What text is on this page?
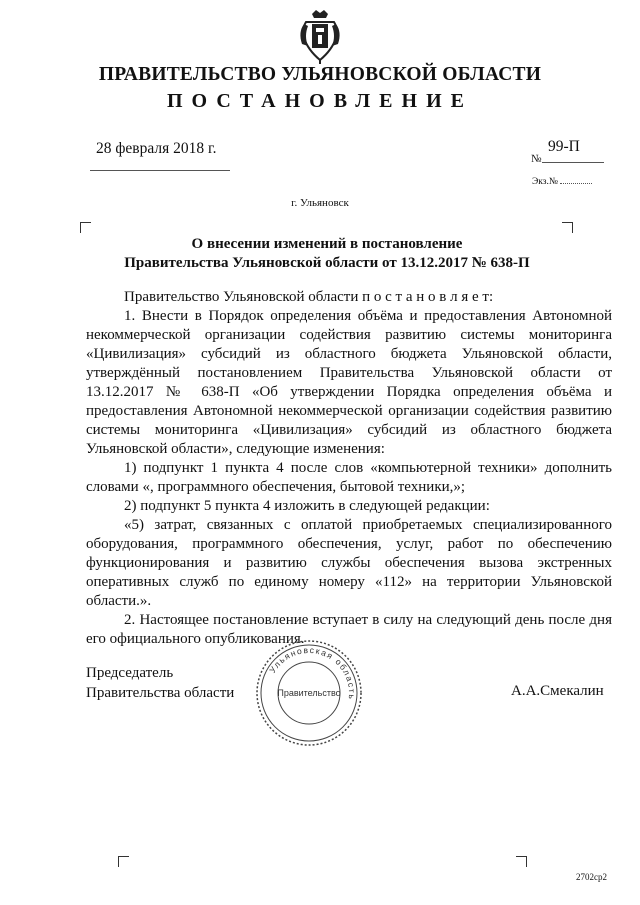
ПРАВИТЕЛЬСТВО УЛЬЯНОВСКОЙ ОБЛАСТИ
ПОСТАНОВЛЕНИЕ
28 февраля 2018 г.
№
99-П
Экз.№
г. Ульяновск
О внесении изменений в постановление
Правительства Ульяновской области от 13.12.2017 № 638-П

Правительство Ульяновской области п о с т а н о в л я е т:

1. Внести в Порядок определения объёма и предоставления Автономной некоммерческой организации содействия развитию системы мониторинга «Цивилизация» субсидий из областного бюджета Ульяновской области, утверждённый постановлением Правительства Ульяновской области от 13.12.2017 № 638-П «Об утверждении Порядка определения объёма и предоставления Автономной некоммерческой организации содействия развитию системы мониторинга «Цивилизация» субсидий из областного бюджета Ульяновской области», следующие изменения:

1) подпункт 1 пункта 4 после слов «компьютерной техники» дополнить словами «, программного обеспечения, бытовой техники,»;

2) подпункт 5 пункта 4 изложить в следующей редакции:

«5) затрат, связанных с оплатой приобретаемых специализированного оборудования, программного обеспечения, услуг, работ по обеспечению функционирования и развитию службы обеспечения вызова экстренных оперативных служб по единому номеру «112» на территории Ульяновской области.».

2. Настоящее постановление вступает в силу на следующий день после дня его официального опубликования.

Председатель
Правительства области
Ульяновская область
Правительство	А.А.Смекалин
2702ср2
